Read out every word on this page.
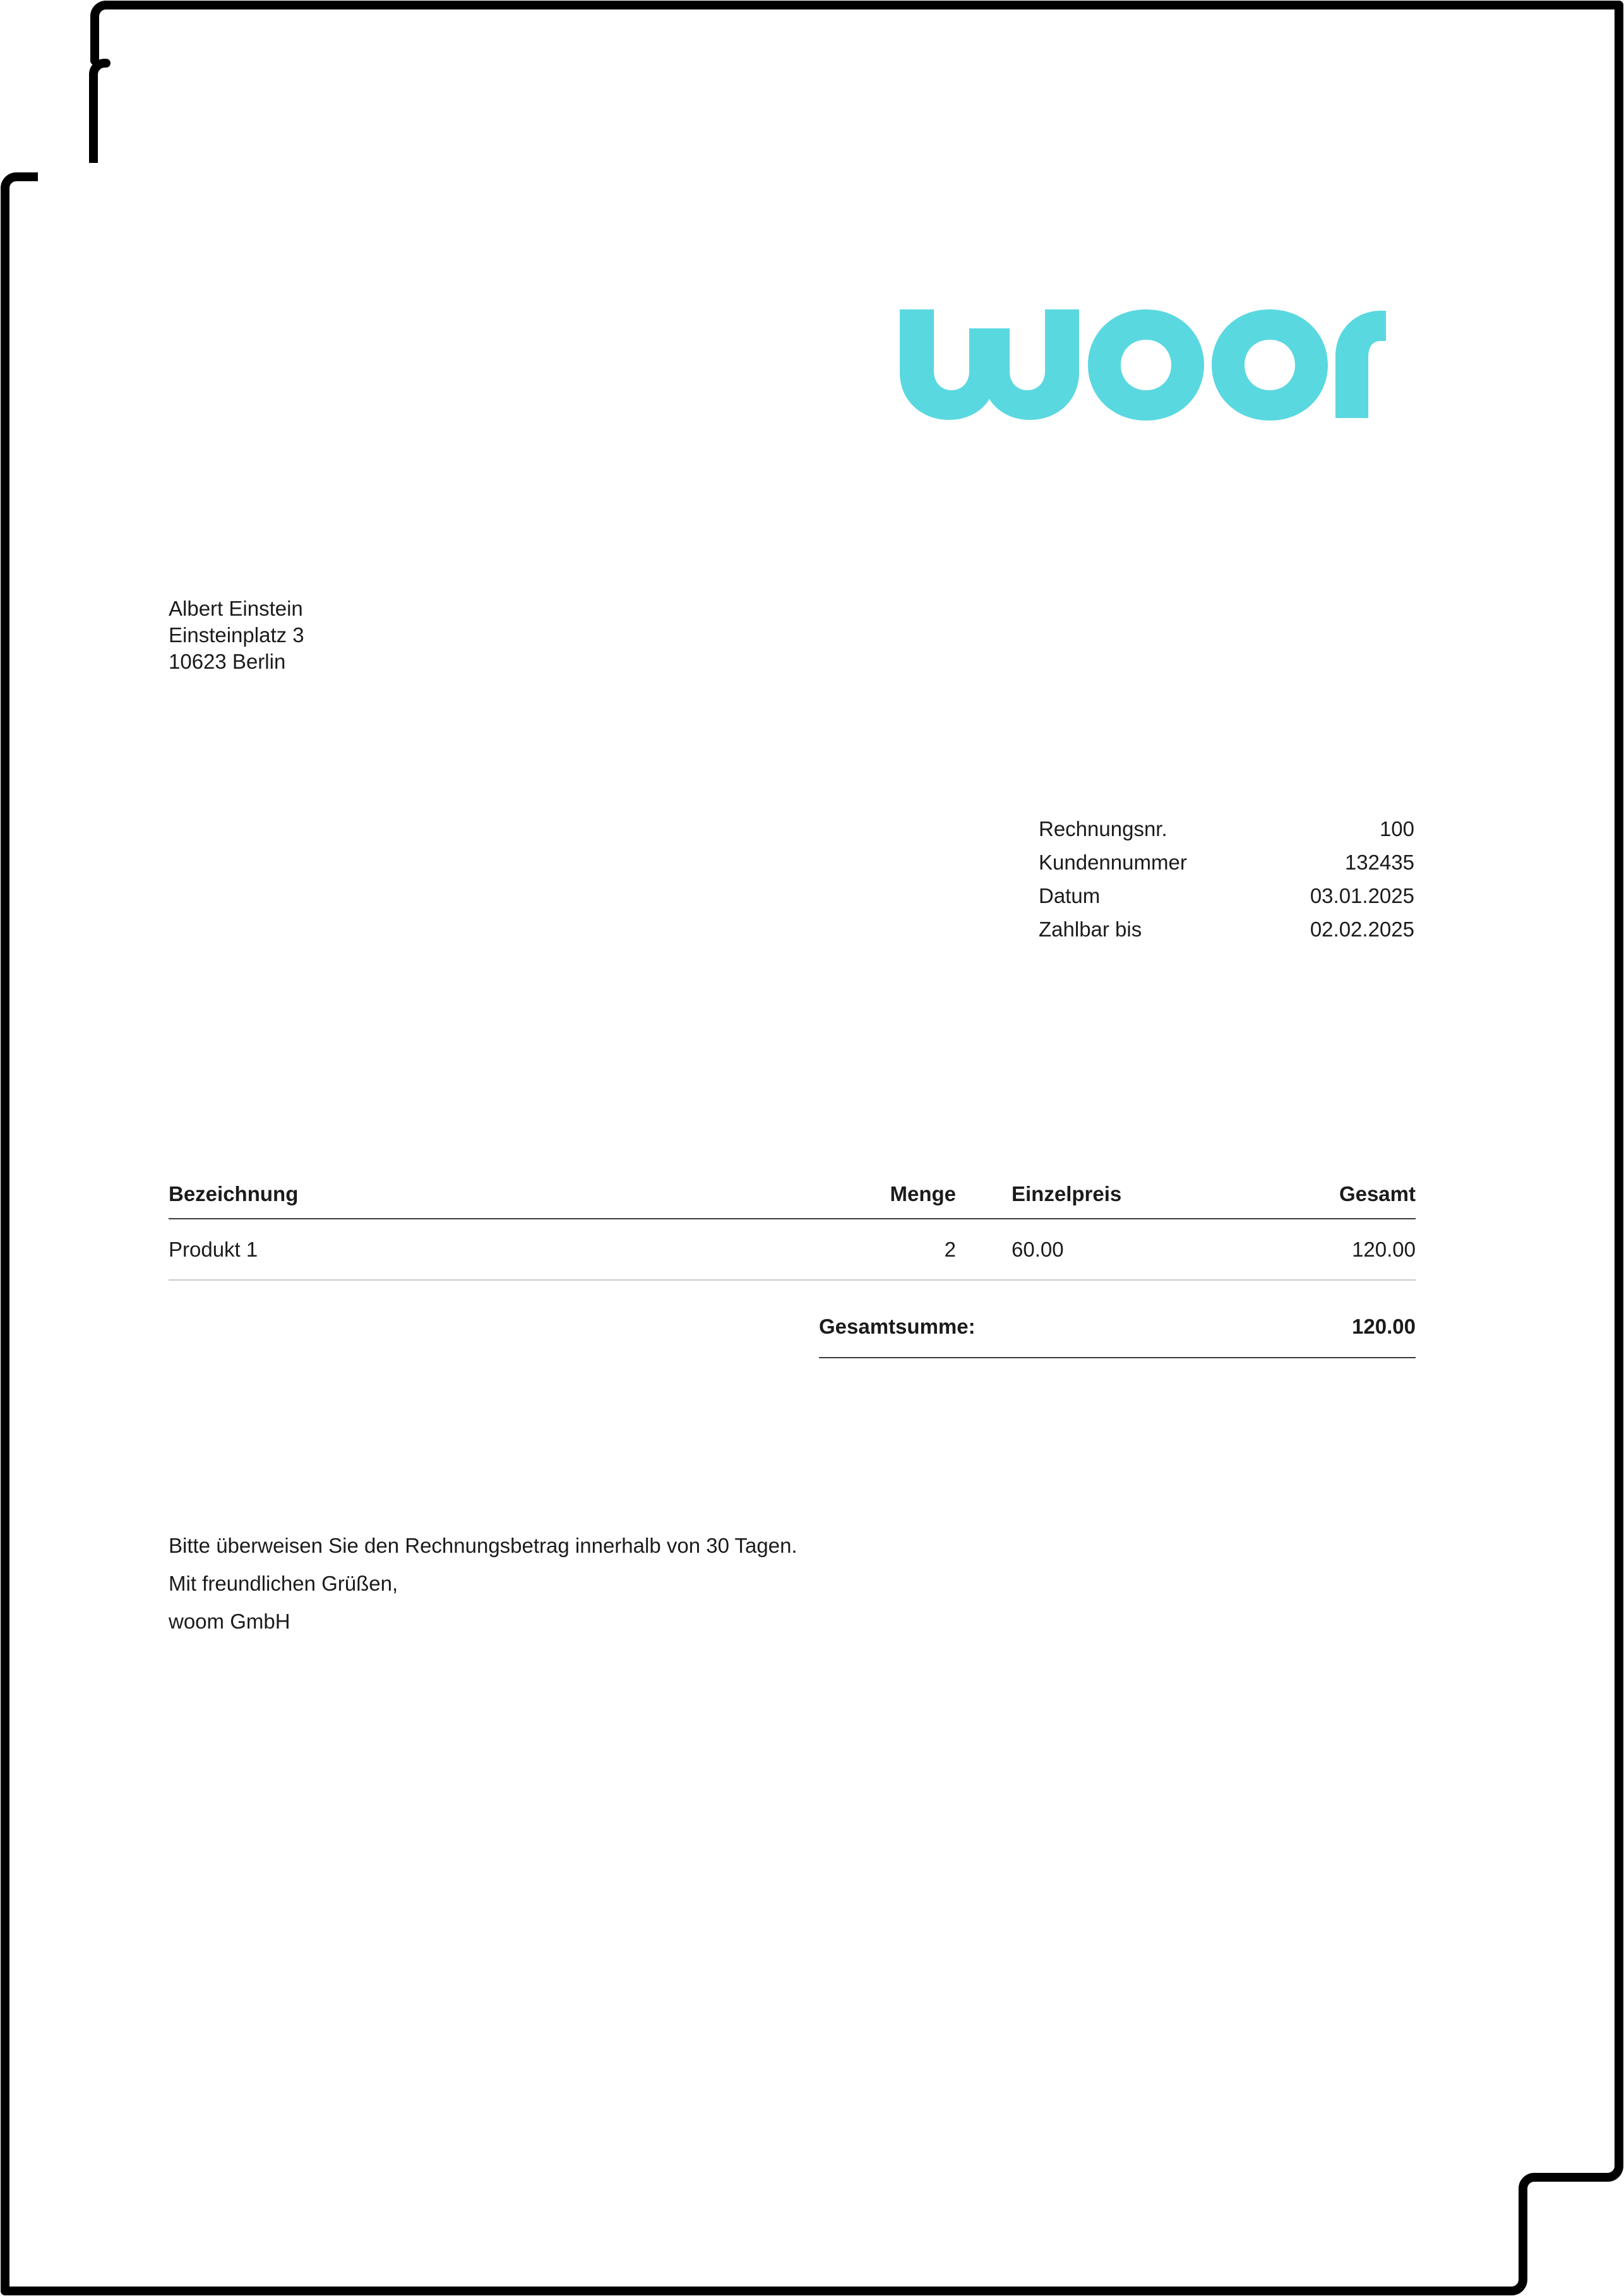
Albert Einstein
Einsteinplatz 3
10623 Berlin
Rechnungsnr.	100
Kundennummer	132435
Datum	03.01.2025
Zahlbar bis	02.02.2025
Bezeichnung	Menge	Einzelpreis	Gesamt
Produkt 1	2	60.00	120.00
Gesamtsumme:	120.00
Bitte überweisen Sie den Rechnungsbetrag innerhalb von 30 Tagen.
Mit freundlichen Grüßen,
woom GmbH
